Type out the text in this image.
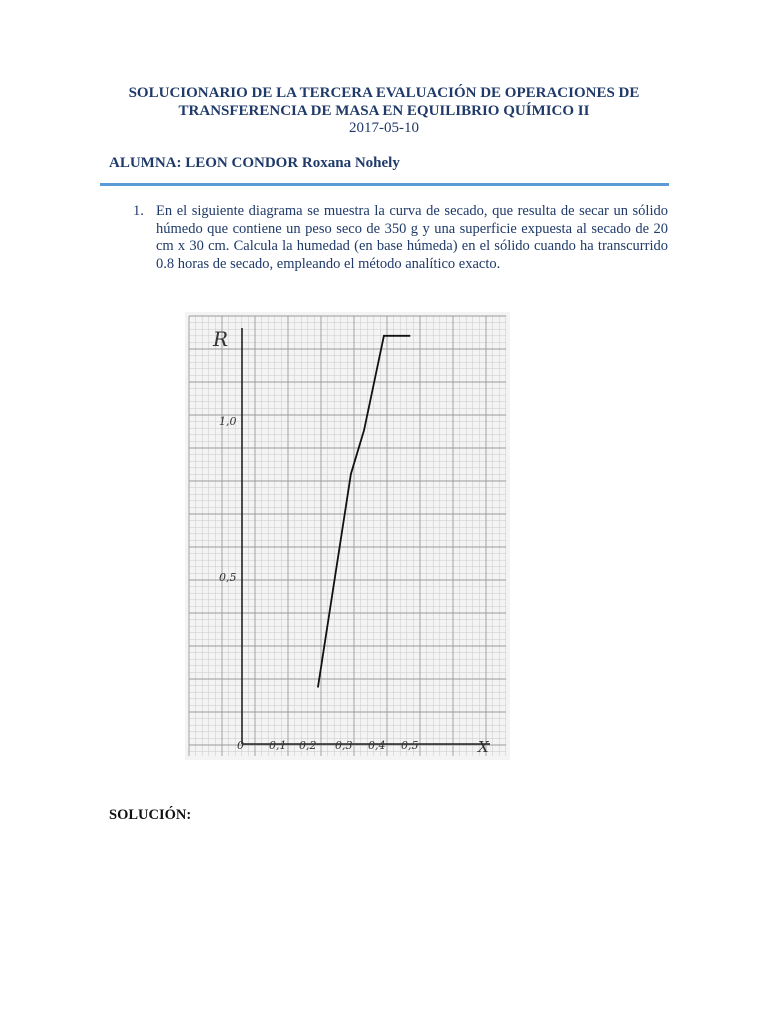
SOLUCIONARIO DE LA TERCERA EVALUACIÓN DE OPERACIONES DE TRANSFERENCIA DE MASA EN EQUILIBRIO QUÍMICO II
2017-05-10
ALUMNA: LEON CONDOR Roxana Nohely
1. En el siguiente diagrama se muestra la curva de secado, que resulta de secar un sólido húmedo que contiene un peso seco de 350 g y una superficie expuesta al secado de 20 cm x 30 cm. Calcula la humedad (en base húmeda) en el sólido cuando ha transcurrido 0.8 horas de secado, empleando el método analítico exacto.
R
X
1,0
0,5
0 0,1 0,2 0,3 0,4 0,5
SOLUCIÓN:
